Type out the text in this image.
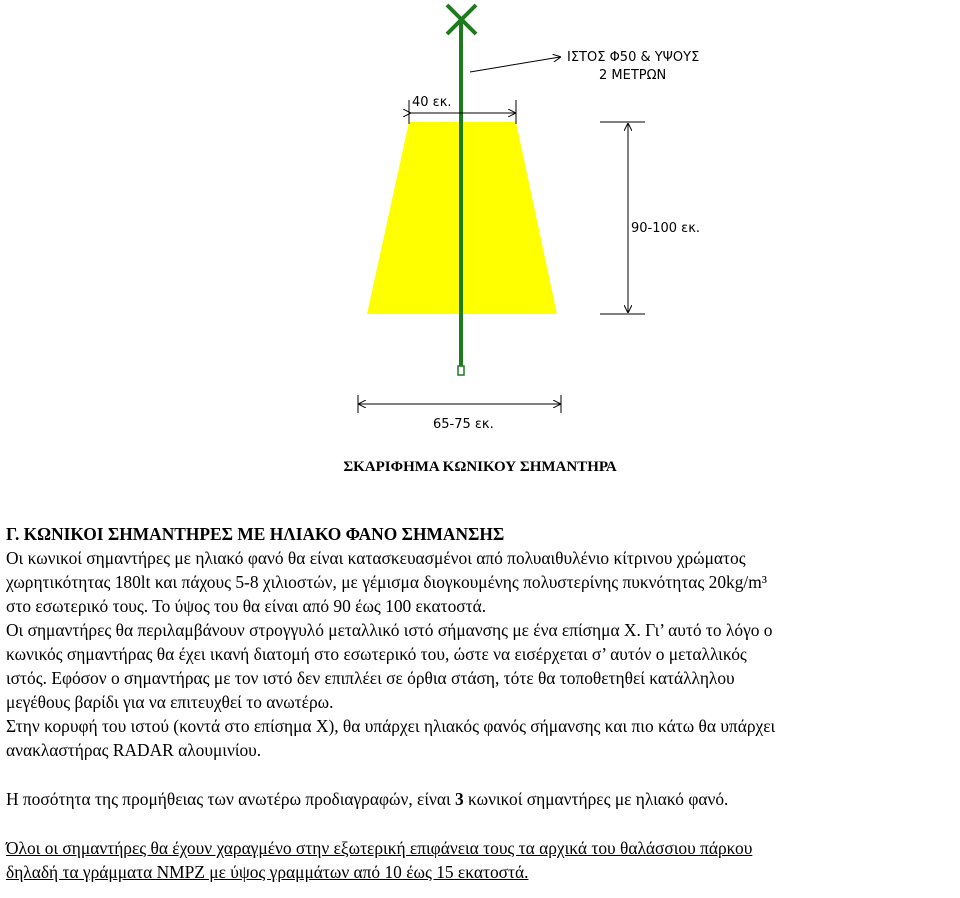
ΙΣΤΟΣ Φ50 & ΥΨΟΥΣ
2 ΜΕΤΡΩΝ
40 εκ.
90-100 εκ.
65-75 εκ.
ΣΚΑΡΙΦΗΜΑ ΚΩΝΙΚΟΥ ΣΗΜΑΝΤΗΡΑ

Γ. ΚΩΝΙΚΟΙ ΣΗΜΑΝΤΗΡΕΣ ΜΕ ΗΛΙΑΚΟ ΦΑΝΟ ΣΗΜΑΝΣΗΣ

Οι κωνικοί σημαντήρες με ηλιακό φανό θα είναι κατασκευασμένοι από πολυαιθυλένιο κίτρινου χρώματος

χωρητικότητας 180lt και πάχους 5-8 χιλιοστών, με γέμισμα διογκουμένης πολυστερίνης πυκνότητας 20kg/m³

στο εσωτερικό τους. Το ύψος του θα είναι από 90 έως 100 εκατοστά.

Οι σημαντήρες θα περιλαμβάνουν στρογγυλό μεταλλικό ιστό σήμανσης με ένα επίσημα Χ. Γι’ αυτό το λόγο ο

κωνικός σημαντήρας θα έχει ικανή διατομή στο εσωτερικό του, ώστε να εισέρχεται σ’ αυτόν ο μεταλλικός

ιστός. Εφόσον ο σημαντήρας με τον ιστό δεν επιπλέει σε όρθια στάση, τότε θα τοποθετηθεί κατάλληλου

μεγέθους βαρίδι για να επιτευχθεί το ανωτέρω.

Στην κορυφή του ιστού (κοντά στο επίσημα Χ), θα υπάρχει ηλιακός φανός σήμανσης και πιο κάτω θα υπάρχει

ανακλαστήρας RADAR αλουμινίου.

Η ποσότητα της προμήθειας των ανωτέρω προδιαγραφών, είναι 3 κωνικοί σημαντήρες με ηλιακό φανό.

Όλοι οι σημαντήρες θα έχουν χαραγμένο στην εξωτερική επιφάνεια τους τα αρχικά του θαλάσσιου πάρκου

δηλαδή τα γράμματα ΝΜΡΖ με ύψος γραμμάτων από 10 έως 15 εκατοστά.
